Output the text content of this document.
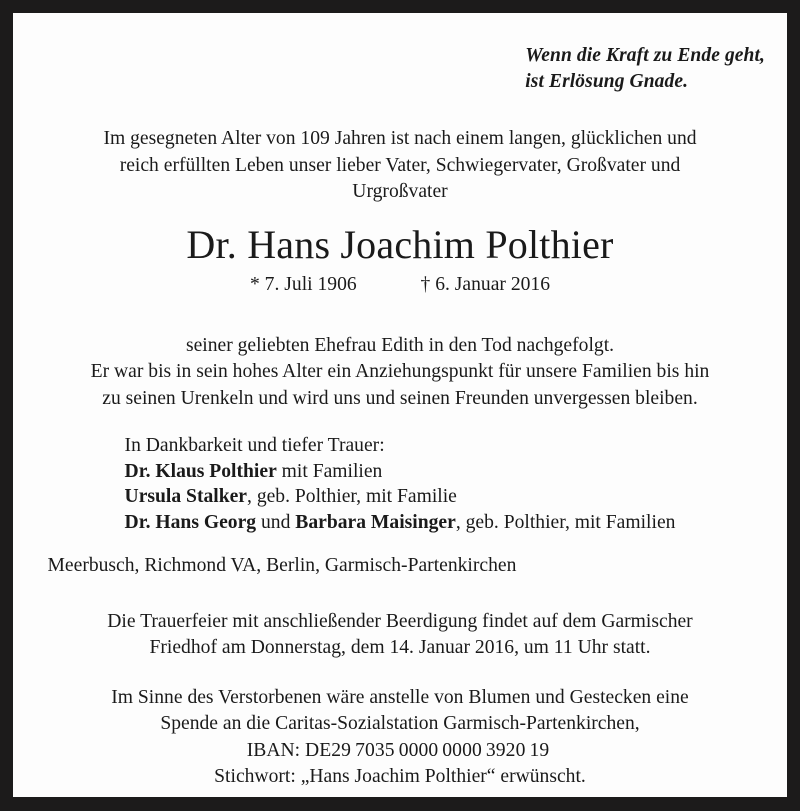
Wenn die Kraft zu Ende geht,
ist Erlösung Gnade.
Im gesegneten Alter von 109 Jahren ist nach einem langen, glücklichen und
reich erfüllten Leben unser lieber Vater, Schwiegervater, Großvater und
Urgroßvater
Dr. Hans Joachim Polthier
* 7. Juli 1906	† 6. Januar 2016
seiner geliebten Ehefrau Edith in den Tod nachgefolgt.
Er war bis in sein hohes Alter ein Anziehungspunkt für unsere Familien bis hin
zu seinen Urenkeln und wird uns und seinen Freunden unvergessen bleiben.
In Dankbarkeit und tiefer Trauer:
Dr. Klaus Polthier mit Familien
Ursula Stalker, geb. Polthier, mit Familie
Dr. Hans Georg und Barbara Maisinger, geb. Polthier, mit Familien
Meerbusch, Richmond VA, Berlin, Garmisch-Partenkirchen
Die Trauerfeier mit anschließender Beerdigung findet auf dem Garmischer
Friedhof am Donnerstag, dem 14. Januar 2016, um 11 Uhr statt.
Im Sinne des Verstorbenen wäre anstelle von Blumen und Gestecken eine
Spende an die Caritas-Sozialstation Garmisch-Partenkirchen,
IBAN: DE29 7035 0000 0000 3920 19
Stichwort: „Hans Joachim Polthier“ erwünscht.
